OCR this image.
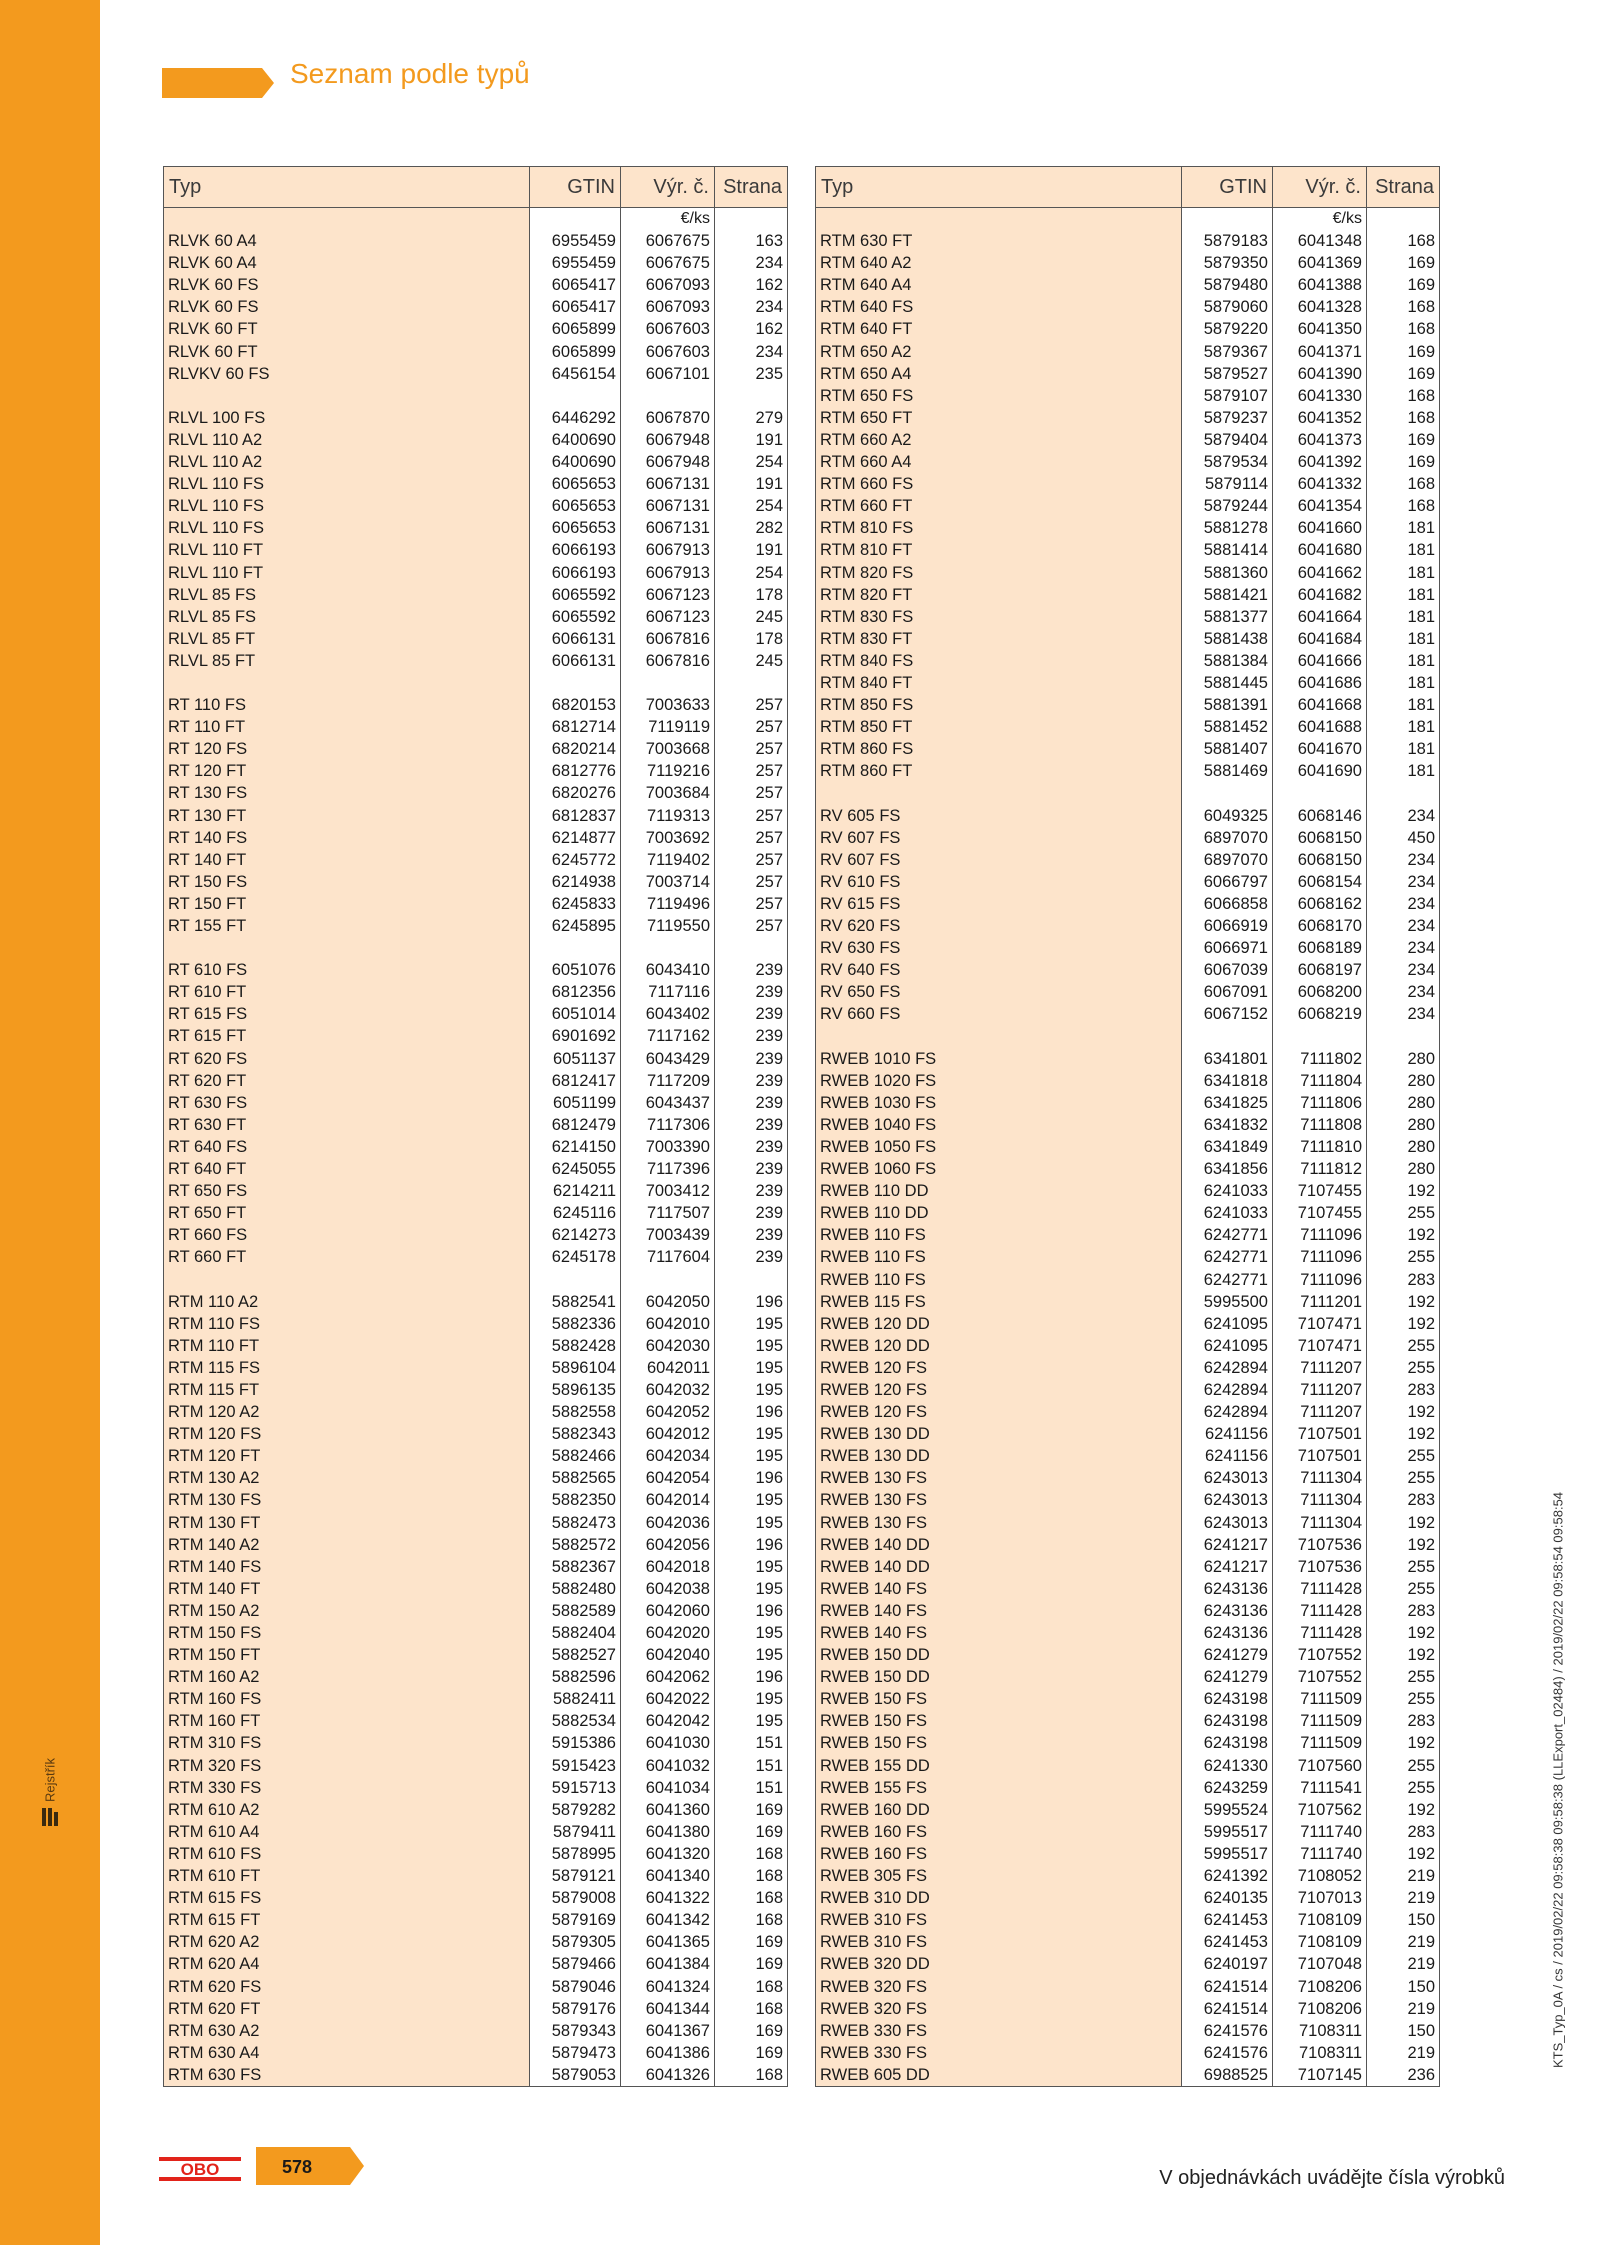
Rejstřík
Seznam podle typů
Typ	GTIN	Výr. č.	Strana
		€/ks	
RLVK 60 A4	6955459	6067675	163
RLVK 60 A4	6955459	6067675	234
RLVK 60 FS	6065417	6067093	162
RLVK 60 FS	6065417	6067093	234
RLVK 60 FT	6065899	6067603	162
RLVK 60 FT	6065899	6067603	234
RLVKV 60 FS	6456154	6067101	235

RLVL 100 FS	6446292	6067870	279
RLVL 110 A2	6400690	6067948	191
RLVL 110 A2	6400690	6067948	254
RLVL 110 FS	6065653	6067131	191
RLVL 110 FS	6065653	6067131	254
RLVL 110 FS	6065653	6067131	282
RLVL 110 FT	6066193	6067913	191
RLVL 110 FT	6066193	6067913	254
RLVL 85 FS	6065592	6067123	178
RLVL 85 FS	6065592	6067123	245
RLVL 85 FT	6066131	6067816	178
RLVL 85 FT	6066131	6067816	245

RT 110 FS	6820153	7003633	257
RT 110 FT	6812714	7119119	257
RT 120 FS	6820214	7003668	257
RT 120 FT	6812776	7119216	257
RT 130 FS	6820276	7003684	257
RT 130 FT	6812837	7119313	257
RT 140 FS	6214877	7003692	257
RT 140 FT	6245772	7119402	257
RT 150 FS	6214938	7003714	257
RT 150 FT	6245833	7119496	257
RT 155 FT	6245895	7119550	257

RT 610 FS	6051076	6043410	239
RT 610 FT	6812356	7117116	239
RT 615 FS	6051014	6043402	239
RT 615 FT	6901692	7117162	239
RT 620 FS	6051137	6043429	239
RT 620 FT	6812417	7117209	239
RT 630 FS	6051199	6043437	239
RT 630 FT	6812479	7117306	239
RT 640 FS	6214150	7003390	239
RT 640 FT	6245055	7117396	239
RT 650 FS	6214211	7003412	239
RT 650 FT	6245116	7117507	239
RT 660 FS	6214273	7003439	239
RT 660 FT	6245178	7117604	239

RTM 110 A2	5882541	6042050	196
RTM 110 FS	5882336	6042010	195
RTM 110 FT	5882428	6042030	195
RTM 115 FS	5896104	6042011	195
RTM 115 FT	5896135	6042032	195
RTM 120 A2	5882558	6042052	196
RTM 120 FS	5882343	6042012	195
RTM 120 FT	5882466	6042034	195
RTM 130 A2	5882565	6042054	196
RTM 130 FS	5882350	6042014	195
RTM 130 FT	5882473	6042036	195
RTM 140 A2	5882572	6042056	196
RTM 140 FS	5882367	6042018	195
RTM 140 FT	5882480	6042038	195
RTM 150 A2	5882589	6042060	196
RTM 150 FS	5882404	6042020	195
RTM 150 FT	5882527	6042040	195
RTM 160 A2	5882596	6042062	196
RTM 160 FS	5882411	6042022	195
RTM 160 FT	5882534	6042042	195
RTM 310 FS	5915386	6041030	151
RTM 320 FS	5915423	6041032	151
RTM 330 FS	5915713	6041034	151
RTM 610 A2	5879282	6041360	169
RTM 610 A4	5879411	6041380	169
RTM 610 FS	5878995	6041320	168
RTM 610 FT	5879121	6041340	168
RTM 615 FS	5879008	6041322	168
RTM 615 FT	5879169	6041342	168
RTM 620 A2	5879305	6041365	169
RTM 620 A4	5879466	6041384	169
RTM 620 FS	5879046	6041324	168
RTM 620 FT	5879176	6041344	168
RTM 630 A2	5879343	6041367	169
RTM 630 A4	5879473	6041386	169
RTM 630 FS	5879053	6041326	168
Typ	GTIN	Výr. č.	Strana
		€/ks	
RTM 630 FT	5879183	6041348	168
RTM 640 A2	5879350	6041369	169
RTM 640 A4	5879480	6041388	169
RTM 640 FS	5879060	6041328	168
RTM 640 FT	5879220	6041350	168
RTM 650 A2	5879367	6041371	169
RTM 650 A4	5879527	6041390	169
RTM 650 FS	5879107	6041330	168
RTM 650 FT	5879237	6041352	168
RTM 660 A2	5879404	6041373	169
RTM 660 A4	5879534	6041392	169
RTM 660 FS	5879114	6041332	168
RTM 660 FT	5879244	6041354	168
RTM 810 FS	5881278	6041660	181
RTM 810 FT	5881414	6041680	181
RTM 820 FS	5881360	6041662	181
RTM 820 FT	5881421	6041682	181
RTM 830 FS	5881377	6041664	181
RTM 830 FT	5881438	6041684	181
RTM 840 FS	5881384	6041666	181
RTM 840 FT	5881445	6041686	181
RTM 850 FS	5881391	6041668	181
RTM 850 FT	5881452	6041688	181
RTM 860 FS	5881407	6041670	181
RTM 860 FT	5881469	6041690	181

RV 605 FS	6049325	6068146	234
RV 607 FS	6897070	6068150	450
RV 607 FS	6897070	6068150	234
RV 610 FS	6066797	6068154	234
RV 615 FS	6066858	6068162	234
RV 620 FS	6066919	6068170	234
RV 630 FS	6066971	6068189	234
RV 640 FS	6067039	6068197	234
RV 650 FS	6067091	6068200	234
RV 660 FS	6067152	6068219	234

RWEB 1010 FS	6341801	7111802	280
RWEB 1020 FS	6341818	7111804	280
RWEB 1030 FS	6341825	7111806	280
RWEB 1040 FS	6341832	7111808	280
RWEB 1050 FS	6341849	7111810	280
RWEB 1060 FS	6341856	7111812	280
RWEB 110 DD	6241033	7107455	192
RWEB 110 DD	6241033	7107455	255
RWEB 110 FS	6242771	7111096	192
RWEB 110 FS	6242771	7111096	255
RWEB 110 FS	6242771	7111096	283
RWEB 115 FS	5995500	7111201	192
RWEB 120 DD	6241095	7107471	192
RWEB 120 DD	6241095	7107471	255
RWEB 120 FS	6242894	7111207	255
RWEB 120 FS	6242894	7111207	283
RWEB 120 FS	6242894	7111207	192
RWEB 130 DD	6241156	7107501	192
RWEB 130 DD	6241156	7107501	255
RWEB 130 FS	6243013	7111304	255
RWEB 130 FS	6243013	7111304	283
RWEB 130 FS	6243013	7111304	192
RWEB 140 DD	6241217	7107536	192
RWEB 140 DD	6241217	7107536	255
RWEB 140 FS	6243136	7111428	255
RWEB 140 FS	6243136	7111428	283
RWEB 140 FS	6243136	7111428	192
RWEB 150 DD	6241279	7107552	192
RWEB 150 DD	6241279	7107552	255
RWEB 150 FS	6243198	7111509	255
RWEB 150 FS	6243198	7111509	283
RWEB 150 FS	6243198	7111509	192
RWEB 155 DD	6241330	7107560	255
RWEB 155 FS	6243259	7111541	255
RWEB 160 DD	5995524	7107562	192
RWEB 160 FS	5995517	7111740	283
RWEB 160 FS	5995517	7111740	192
RWEB 305 FS	6241392	7108052	219
RWEB 310 DD	6240135	7107013	219
RWEB 310 FS	6241453	7108109	150
RWEB 310 FS	6241453	7108109	219
RWEB 320 DD	6240197	7107048	219
RWEB 320 FS	6241514	7108206	150
RWEB 320 FS	6241514	7108206	219
RWEB 330 FS	6241576	7108311	150
RWEB 330 FS	6241576	7108311	219
RWEB 605 DD	6988525	7107145	236
OBO	578	V objednávkách uvádějte čísla výrobků
KTS_Typ_0A / cs / 2019/02/22 09:58:38 09:58:38 (LLExport_02484) / 2019/02/22 09:58:54 09:58:54
